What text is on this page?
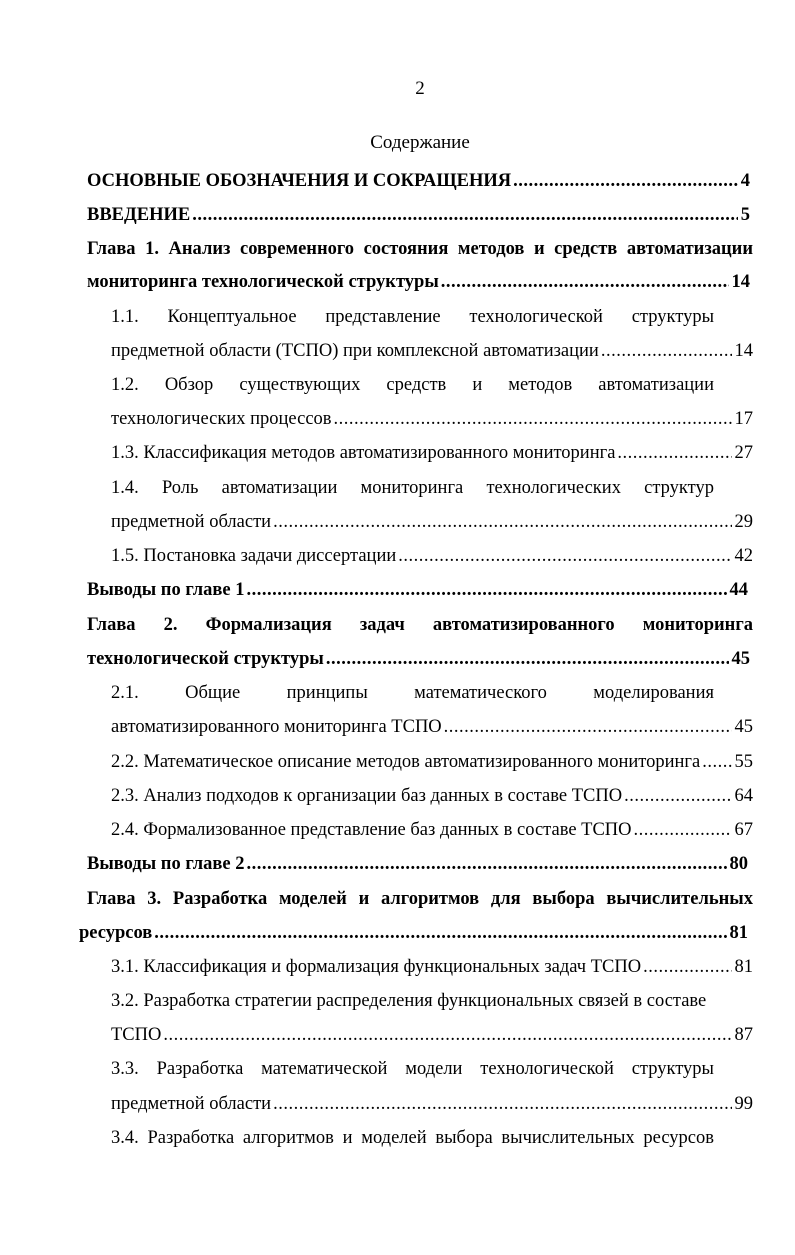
2
Содержание
ОСНОВНЫЕ ОБОЗНАЧЕНИЯ И СОКРАЩЕНИЯ .....	4
ВВЕДЕНИЕ .....	5
Глава 1. Анализ современного состояния методов и средств автоматизации
мониторинга технологической структуры .....	14
1.1. Концептуальное представление технологической структуры
предметной области (ТСПО) при комплексной автоматизации .....	14
1.2. Обзор существующих средств и методов автоматизации
технологических процессов .....	17
1.3. Классификация методов автоматизированного мониторинга .....	27
1.4. Роль автоматизации мониторинга технологических структур
предметной области .....	29
1.5. Постановка задачи диссертации .....	42
Выводы по главе 1 .....	44
Глава 2. Формализация задач автоматизированного мониторинга
технологической структуры .....	45
2.1. Общие принципы математического моделирования
автоматизированного мониторинга ТСПО .....	45
2.2. Математическое описание методов автоматизированного мониторинга ..... 55
2.3. Анализ подходов к организации баз данных в составе ТСПО .....	64
2.4. Формализованное представление баз данных в составе ТСПО .....	67
Выводы по главе 2 .....	80
Глава 3. Разработка моделей и алгоритмов для выбора вычислительных
ресурсов .....	81
3.1. Классификация и формализация функциональных задач ТСПО .....	81
3.2. Разработка стратегии распределения функциональных связей в составе
ТСПО .....	87
3.3. Разработка математической модели технологической структуры
предметной области .....	99
3.4. Разработка алгоритмов и моделей выбора вычислительных ресурсов
